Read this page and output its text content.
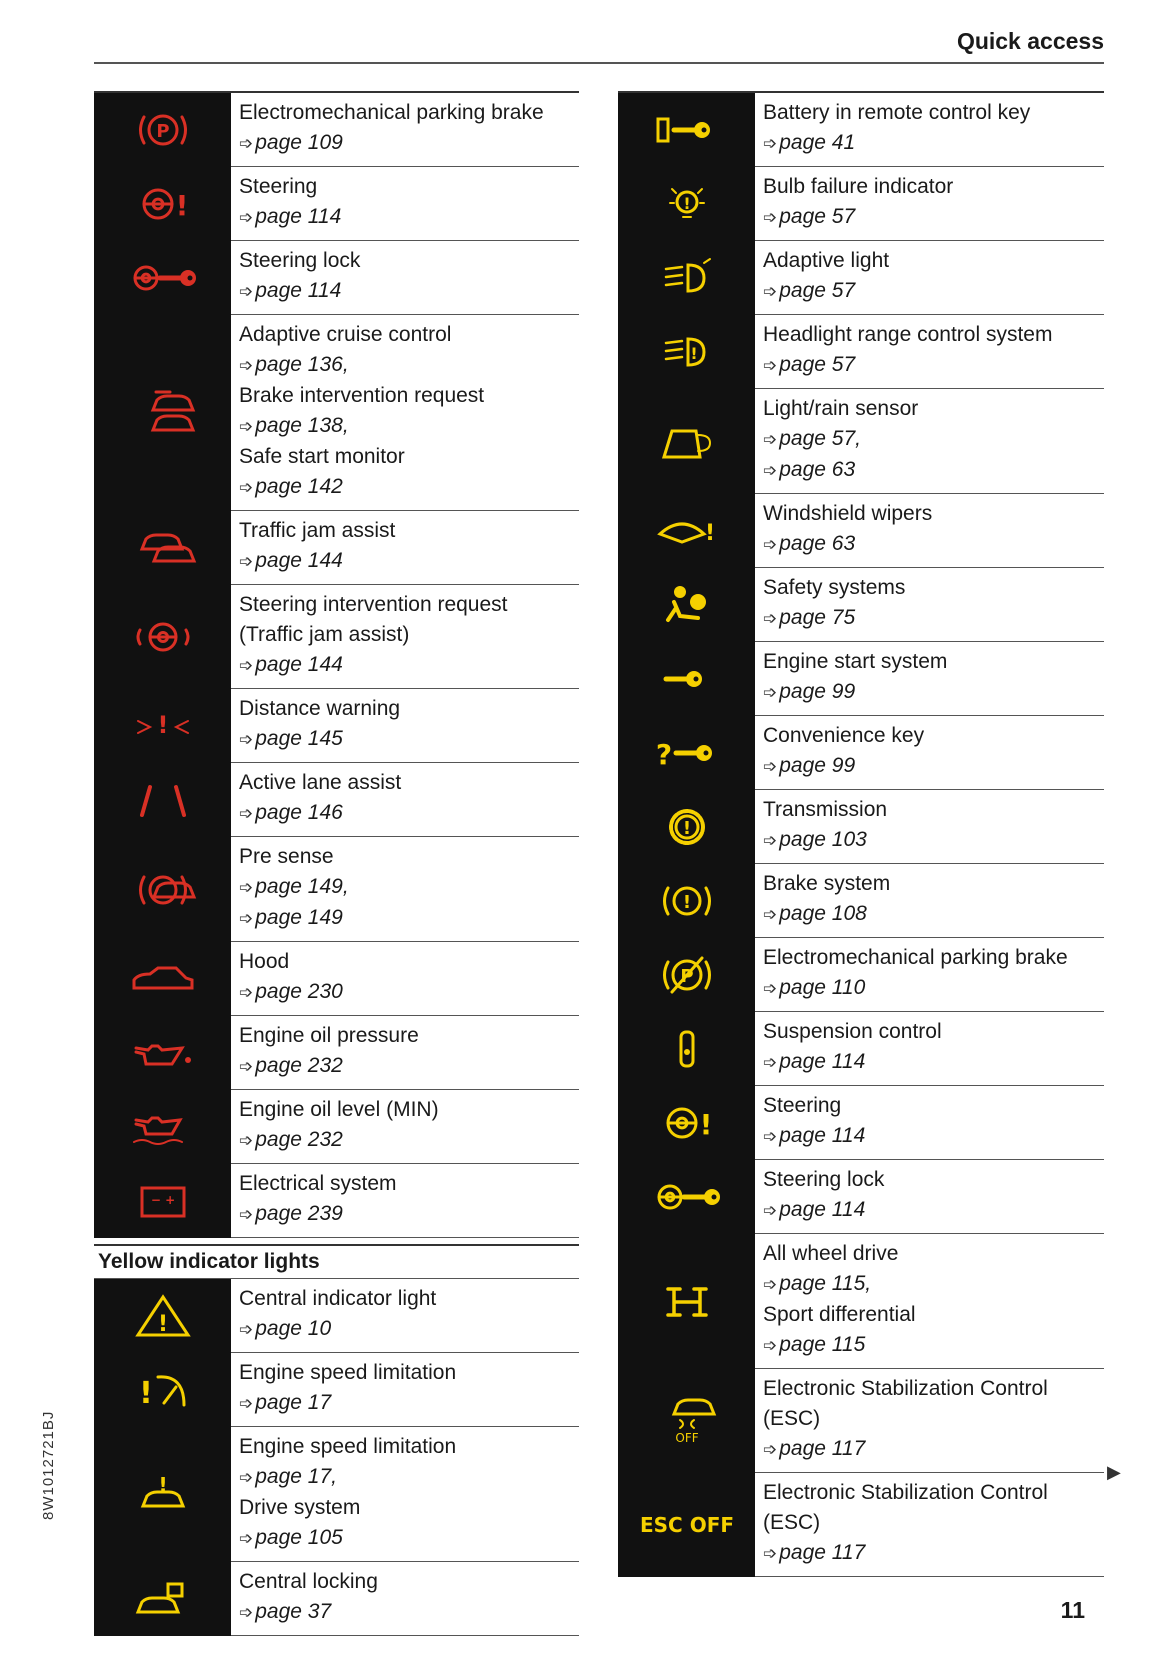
Quick access
P
Electromechanical parking brake
➩page 109
!
Steering
➩page 114
Steering lock
➩page 114
Adaptive cruise control
➩page 136,
Brake intervention request
➩page 138,
Safe start monitor
➩page 142
Traffic jam assist
➩page 144
Steering intervention request
(Traffic jam assist)
➩page 144
!
Distance warning
➩page 145
Active lane assist
➩page 146
Pre sense
➩page 149,
➩page 149
Hood
➩page 230
Engine oil pressure
➩page 232
Engine oil level (MIN)
➩page 232
− +
Electrical system
➩page 239
Yellow indicator lights
!
Central indicator light
➩page 10
!
Engine speed limitation
➩page 17
!
Engine speed limitation
➩page 17,
Drive system
➩page 105
Central locking
➩page 37
Battery in remote control key
➩page 41
!
Bulb failure indicator
➩page 57
Adaptive light
➩page 57
!
Headlight range control system
➩page 57
Light/rain sensor
➩page 57,
➩page 63
!
Windshield wipers
➩page 63
Safety systems
➩page 75
Engine start system
➩page 99
?
Convenience key
➩page 99
!
Transmission
➩page 103
!
Brake system
➩page 108
P
Electromechanical parking brake
➩page 110
Suspension control
➩page 114
!
Steering
➩page 114
Steering lock
➩page 114
All wheel drive
➩page 115,
Sport differential
➩page 115
OFF
Electronic Stabilization Control
(ESC)
➩page 117
ESC OFF
Electronic Stabilization Control
(ESC)
➩page 117
8W1012721BJ
11
▶
